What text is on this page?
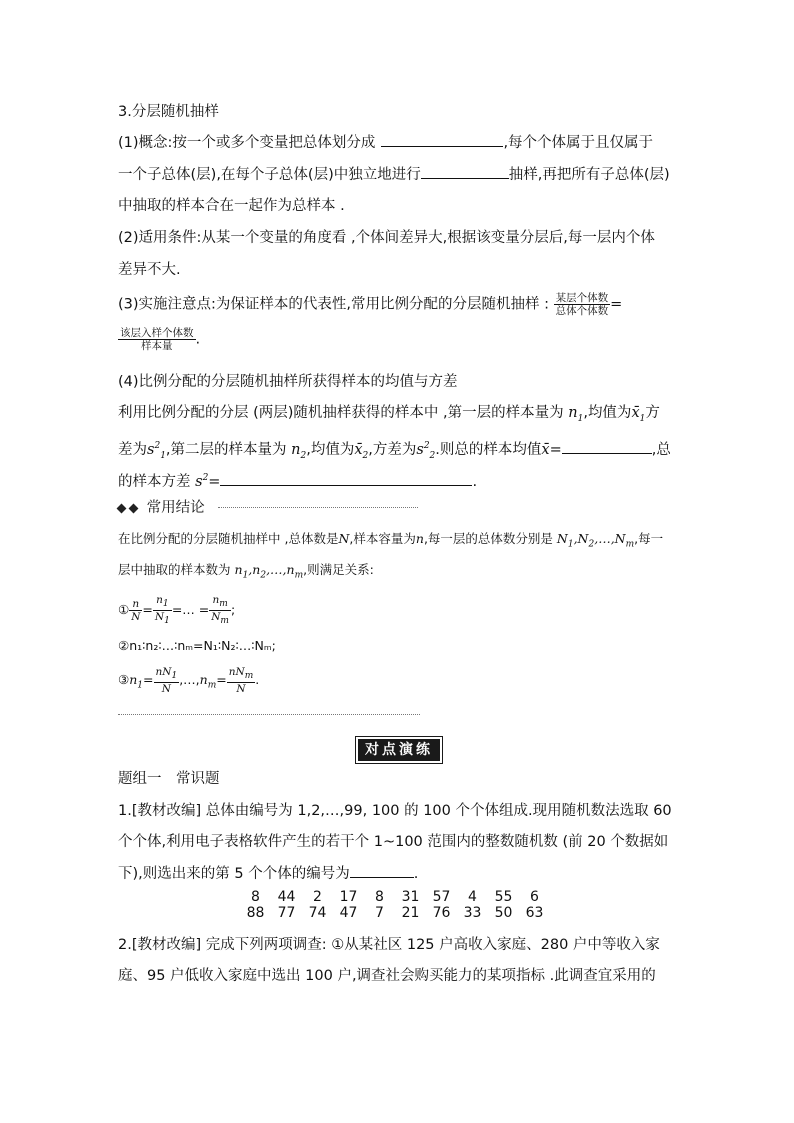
3.分层随机抽样
(1)概念:按一个或多个变量把总体划分成	,每个个体属于且仅属于
一个子总体(层),在每个子总体(层)中独立地进行	抽样,再把所有子总体(层)
中抽取的样本合在一起作为总样本 .
(2)适用条件:从某一个变量的角度看 ,个体间差异大,根据该变量分层后,每一层内个体
差异不大.
(3)实施注意点:为保证样本的代表性,常用比例分配的分层随机抽样 : $\frac{\text{某层个体数}}{\text{总体个体数}}$ =
$\frac{\text{该层入样个体数}}{\text{样本量}}$ .
(4)比例分配的分层随机抽样所获得样本的均值与方差
利用比例分配的分层 (两层)随机抽样获得的样本中 ,第一层的样本量为 $n_1$,均值为$x̄_1$方
差为$s^2_1$,第二层的样本量为 $n_2$,均值为$x̄_2$,方差为$s^2_2$.则总的样本均值x̄=	,总
的样本方差 $s^2=$	.
常用结论
在比例分配的分层随机抽样中 ,总体数是N,样本容量为n,每一层的总体数分别是 $N_1,N_2,\dots,N_m$,每一
层中抽取的样本数为 $n_1,n_2,\dots,n_m$,则满足关系:
① $\frac{n}{N} = \frac{n_1}{N_1}$ =… = $\frac{n_m}{N_m}$ ;
②n₁∶n₂∶…∶nₘ=N₁∶N₂∶…∶Nₘ;
$③n_1= \frac{nN_1}{N}$ $,\dots,n_m= \frac{nN_m}{N}$ .
对点演练
题组一　常识题
1.[教材改编] 总体由编号为 1,2,…,99, 100 的 100 个个体组成.现用随机数法选取 60
个个体,利用电子表格软件产生的若干个 1~100 范围内的整数随机数 (前 20 个数据如
下),则选出来的第 5 个个体的编号为	.
8	44	2	17	8	31	57	4	55	6
88	77	74	47	7	21	76	33	50	63
2.[教材改编] 完成下列两项调查: ①从某社区 125 户高收入家庭、280 户中等收入家
庭、95 户低收入家庭中选出 100 户,调查社会购买能力的某项指标 .此调查宜采用的
